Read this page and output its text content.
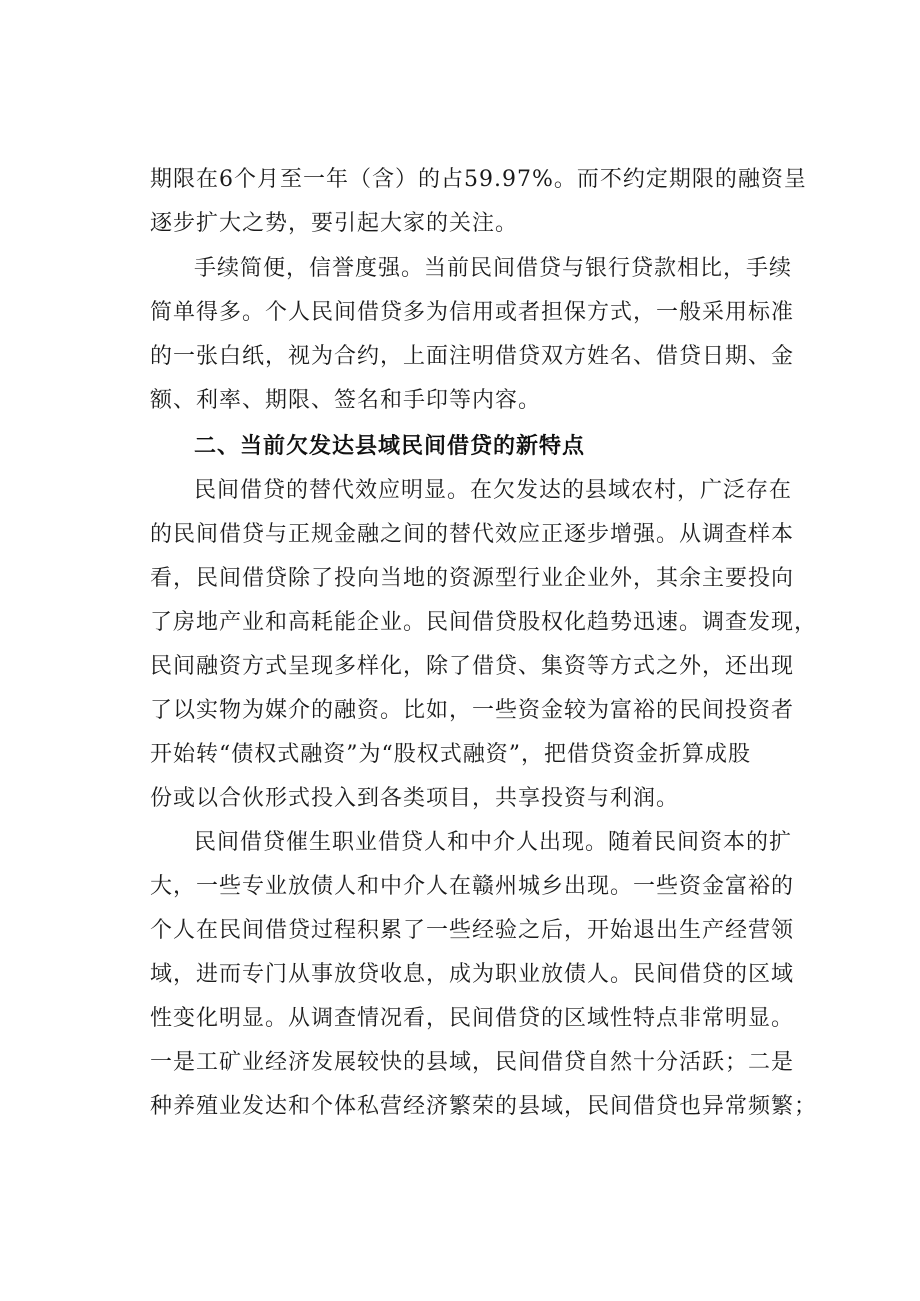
期限在6个月至一年（含）的占59.97%。而不约定期限的融资呈
逐步扩大之势，要引起大家的关注。
手续简便，信誉度强。当前民间借贷与银行贷款相比，手续
简单得多。个人民间借贷多为信用或者担保方式，一般采用标准
的一张白纸，视为合约，上面注明借贷双方姓名、借贷日期、金
额、利率、期限、签名和手印等内容。
二、当前欠发达县域民间借贷的新特点
民间借贷的替代效应明显。在欠发达的县域农村，广泛存在
的民间借贷与正规金融之间的替代效应正逐步增强。从调查样本
看，民间借贷除了投向当地的资源型行业企业外，其余主要投向
了房地产业和高耗能企业。民间借贷股权化趋势迅速。调查发现，
民间融资方式呈现多样化，除了借贷、集资等方式之外，还出现
了以实物为媒介的融资。比如，一些资金较为富裕的民间投资者
开始转“债权式融资”为“股权式融资”，把借贷资金折算成股
份或以合伙形式投入到各类项目，共享投资与利润。
民间借贷催生职业借贷人和中介人出现。随着民间资本的扩
大，一些专业放债人和中介人在赣州城乡出现。一些资金富裕的
个人在民间借贷过程积累了一些经验之后，开始退出生产经营领
域，进而专门从事放贷收息，成为职业放债人。民间借贷的区域
性变化明显。从调查情况看，民间借贷的区域性特点非常明显。
一是工矿业经济发展较快的县域，民间借贷自然十分活跃；二是
种养殖业发达和个体私营经济繁荣的县域，民间借贷也异常频繁；
